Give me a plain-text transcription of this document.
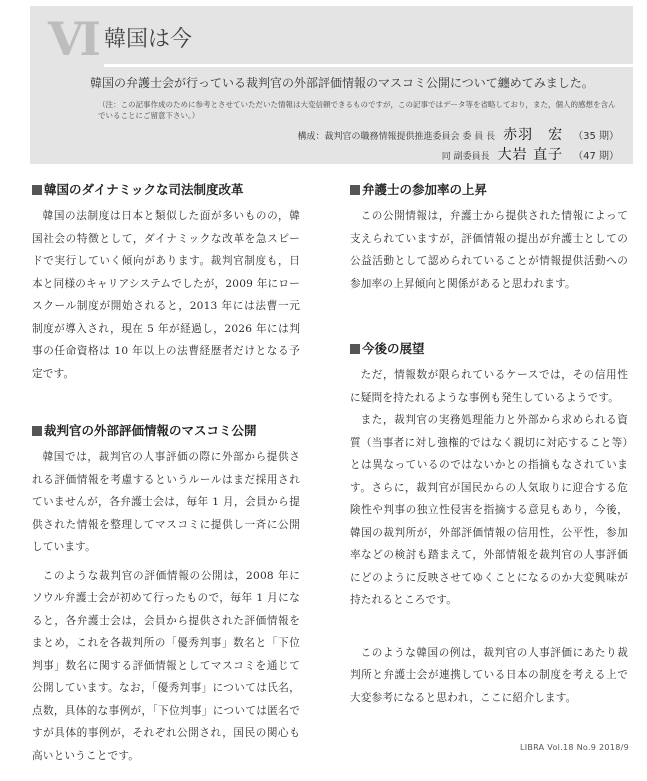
Ⅵ 韓国は今
韓国の弁護士会が行っている裁判官の外部評価情報のマスコミ公開について纏めてみました。
（注：この記事作成のために参考とさせていただいた情報は大変信頼できるものですが，この記事ではデータ等を省略しており，また，個人的感想を含んでいることにご留意下さい。）
構成：裁判官の職務情報提供推進委員会 委 員 長 赤羽　宏 （35 期）
同 副委員長 大岩 直子 （47 期）
韓国のダイナミックな司法制度改革

韓国の法制度は日本と類似した面が多いものの，韓国社会の特徴として，ダイナミックな改革を急スピードで実行していく傾向があります。裁判官制度も，日本と同様のキャリアシステムでしたが，2009 年にロースクール制度が開始されると，2013 年には法曹一元制度が導入され，現在 5 年が経過し，2026 年には判事の任命資格は 10 年以上の法曹経歴者だけとなる予定です。

裁判官の外部評価情報のマスコミ公開

韓国では，裁判官の人事評価の際に外部から提供される評価情報を考慮するというルールはまだ採用されていませんが，各弁護士会は，毎年 1 月，会員から提供された情報を整理してマスコミに提供し一斉に公開しています。

このような裁判官の評価情報の公開は，2008 年にソウル弁護士会が初めて行ったもので，毎年 1 月になると，各弁護士会は，会員から提供された評価情報をまとめ，これを各裁判所の「優秀判事」数名と「下位判事」数名に関する評価情報としてマスコミを通じて公開しています。なお，「優秀判事」については氏名，点数，具体的な事例が，「下位判事」については匿名ですが具体的事例が，それぞれ公開され，国民の関心も高いということです。

弁護士の参加率の上昇

この公開情報は，弁護士から提供された情報によって支えられていますが，評価情報の提出が弁護士としての公益活動として認められていることが情報提供活動への参加率の上昇傾向と関係があると思われます。

今後の展望

ただ，情報数が限られているケースでは，その信用性に疑問を持たれるような事例も発生しているようです。

また，裁判官の実務処理能力と外部から求められる資質（当事者に対し強権的ではなく親切に対応すること等）とは異なっているのではないかとの指摘もなされています。さらに，裁判官が国民からの人気取りに迎合する危険性や判事の独立性侵害を指摘する意見もあり，今後，韓国の裁判所が，外部評価情報の信用性，公平性，参加率などの検討も踏まえて，外部情報を裁判官の人事評価にどのように反映させてゆくことになるのか大変興味が持たれるところです。

このような韓国の例は，裁判官の人事評価にあたり裁判所と弁護士会が連携している日本の制度を考える上で大変参考になると思われ，ここに紹介します。

LIBRA Vol.18 No.9 2018/9
